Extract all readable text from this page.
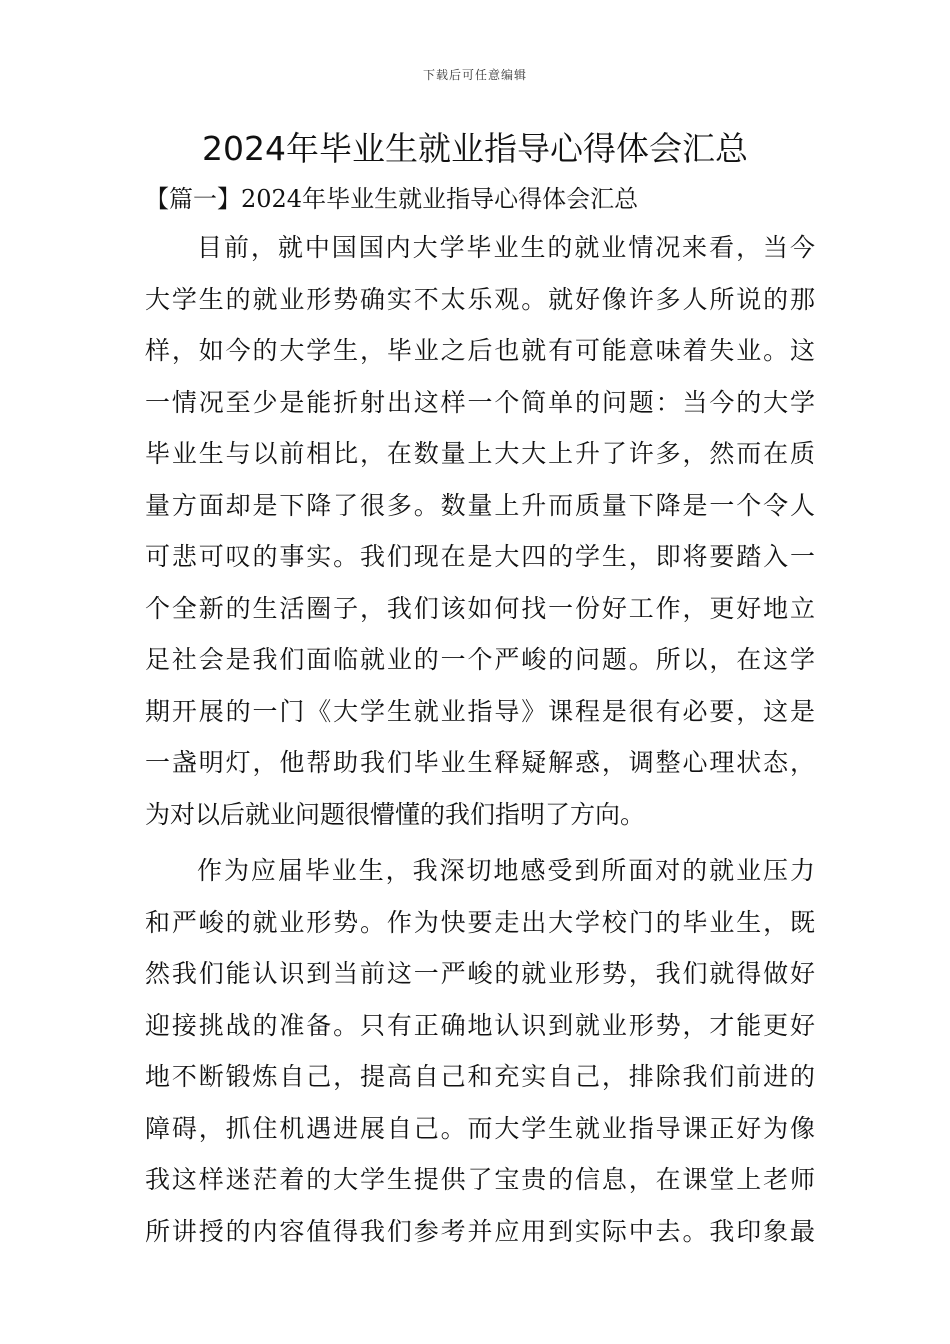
下载后可任意编辑
2024年毕业生就业指导心得体会汇总
【篇一】2024年毕业生就业指导心得体会汇总
目前，就中国国内大学毕业生的就业情况来看，当今
大学生的就业形势确实不太乐观。就好像许多人所说的那
样，如今的大学生，毕业之后也就有可能意味着失业。这
一情况至少是能折射出这样一个简单的问题：当今的大学
毕业生与以前相比，在数量上大大上升了许多，然而在质
量方面却是下降了很多。数量上升而质量下降是一个令人
可悲可叹的事实。我们现在是大四的学生，即将要踏入一
个全新的生活圈子，我们该如何找一份好工作，更好地立
足社会是我们面临就业的一个严峻的问题。所以，在这学
期开展的一门《大学生就业指导》课程是很有必要，这是
一盏明灯，他帮助我们毕业生释疑解惑，调整心理状态，
为对以后就业问题很懵懂的我们指明了方向。
作为应届毕业生，我深切地感受到所面对的就业压力
和严峻的就业形势。作为快要走出大学校门的毕业生，既
然我们能认识到当前这一严峻的就业形势，我们就得做好
迎接挑战的准备。只有正确地认识到就业形势，才能更好
地不断锻炼自己，提高自己和充实自己，排除我们前进的
障碍，抓住机遇进展自己。而大学生就业指导课正好为像
我这样迷茫着的大学生提供了宝贵的信息，在课堂上老师
所讲授的内容值得我们参考并应用到实际中去。我印象最
